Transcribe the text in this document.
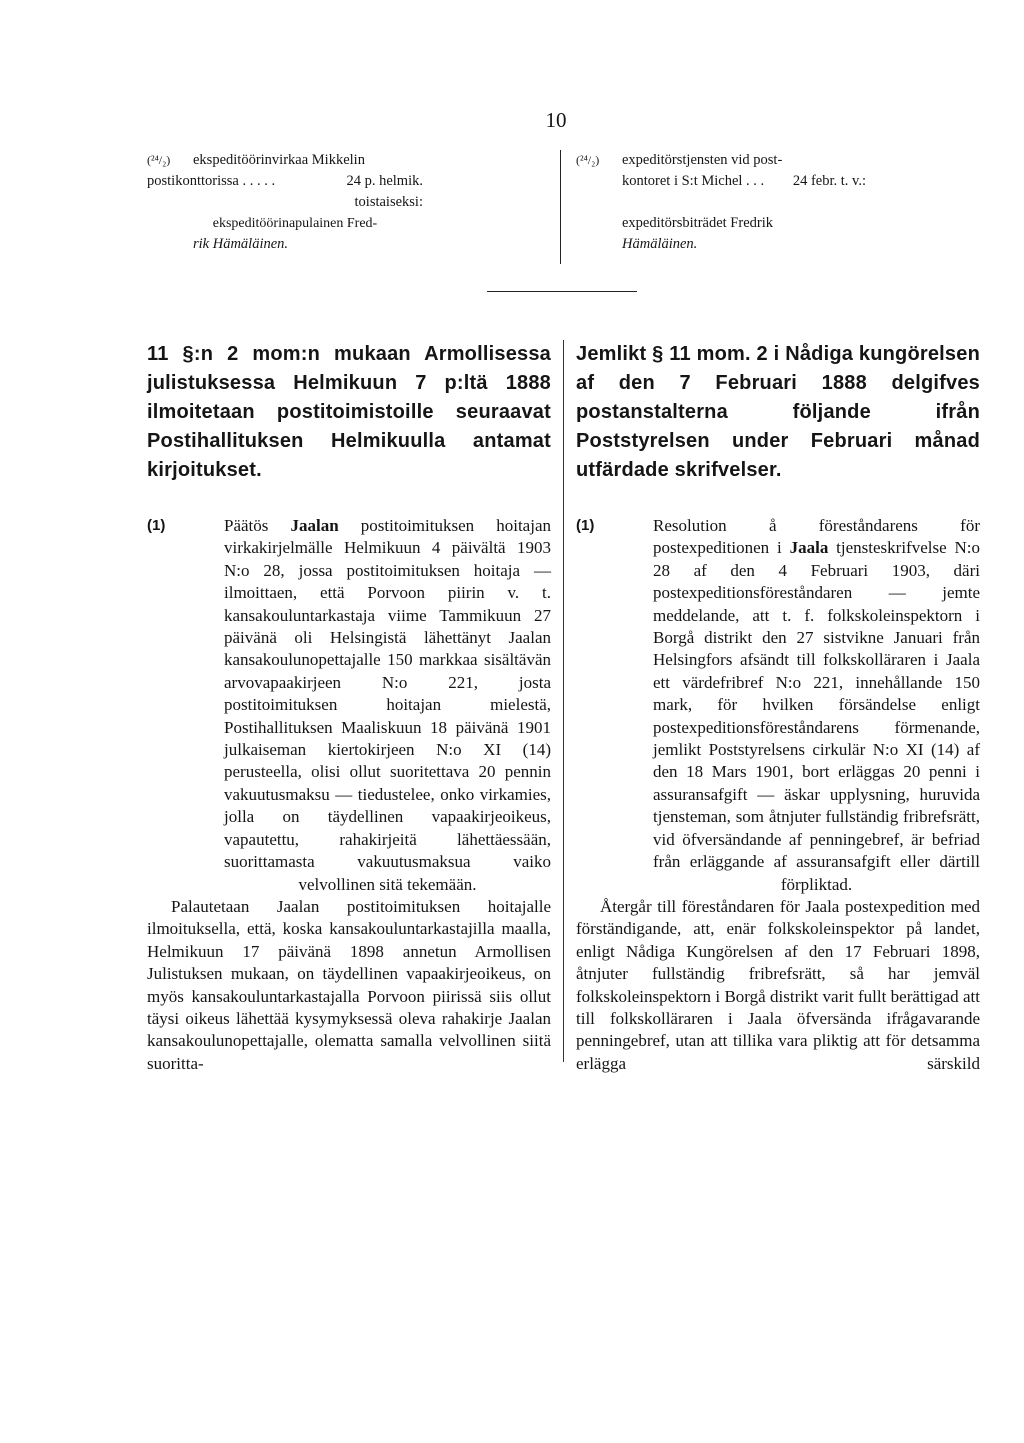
10
(²⁴/₂)	ekspeditöörinvirkaa Mikkelin
postikonttorissa . . . . .	24 p. helmik.
toistaiseksi:
ekspeditöörinapulainen Fred-
rik Hämäläinen.
(²⁴/₂)	expeditörstjensten vid post-
kontoret i S:t Michel . . .	24 febr. t. v.:
expeditörsbiträdet Fredrik
Hämäläinen.

11 §:n 2 mom:n mukaan Armollisessa julistuksessa Helmikuun 7 p:ltä 1888 ilmoitetaan postitoimistoille seuraavat Postihallituksen Helmikuulla antamat kirjoitukset.

(1)	Päätös Jaalan postitoimituksen hoitajan virkakirjelmälle Helmikuun 4 päivältä 1903 N:o 28, jossa postitoimituksen hoitaja — ilmoittaen, että Porvoon piirin v. t. kansakouluntarkastaja viime Tammikuun 27 päivänä oli Helsingistä lähettänyt Jaalan kansakoulunopettajalle 150 markkaa sisältävän arvovapaakirjeen N:o 221, josta postitoimituksen hoitajan mielestä, Postihallituksen Maaliskuun 18 päivänä 1901 julkaiseman kiertokirjeen N:o XI (14) perusteella, olisi ollut suoritettava 20 pennin vakuutusmaksu — tiedustelee, onko virkamies, jolla on täydellinen vapaakirjeoikeus, vapautettu, rahakirjeitä lähettäessään, suorittamasta vakuutusmaksua vaiko velvollinen sitä tekemään.

Palautetaan Jaalan postitoimituksen hoitajalle ilmoituksella, että, koska kansakouluntarkastajilla maalla, Helmikuun 17 päivänä 1898 annetun Armollisen Julistuksen mukaan, on täydellinen vapaakirjeoikeus, on myös kansakouluntarkastajalla Porvoon piirissä siis ollut täysi oikeus lähettää kysymyksessä oleva rahakirje Jaalan kansakoulunopettajalle, olematta samalla velvollinen siitä suoritta-

Jemlikt § 11 mom. 2 i Nådiga kungörelsen af den 7 Februari 1888 delgifves postanstalterna följande ifrån Poststyrelsen under Februari månad utfärdade skrifvelser.

(1)	Resolution å föreståndarens för postexpeditionen i Jaala tjensteskrifvelse N:o 28 af den 4 Februari 1903, däri postexpeditionsföreståndaren — jemte meddelande, att t. f. folkskoleinspektorn i Borgå distrikt den 27 sistvikne Januari från Helsingfors afsändt till folkskolläraren i Jaala ett värdefribref N:o 221, innehållande 150 mark, för hvilken försändelse enligt postexpeditionsföreståndarens förmenande, jemlikt Poststyrelsens cirkulär N:o XI (14) af den 18 Mars 1901, bort erläggas 20 penni i assuransafgift — äskar upplysning, huruvida tjensteman, som åtnjuter fullständig fribrefsrätt, vid öfversändande af penningebref, är befriad från erläggande af assuransafgift eller därtill förpliktad.

Återgår till föreståndaren för Jaala postexpedition med förständigande, att, enär folkskoleinspektor på landet, enligt Nådiga Kungörelsen af den 17 Februari 1898, åtnjuter fullständig fribrefsrätt, så har jemväl folkskoleinspektorn i Borgå distrikt varit fullt berättigad att till folkskolläraren i Jaala öfversända ifrågavarande penningebref, utan att tillika vara pliktig att för detsamma erlägga särskild
